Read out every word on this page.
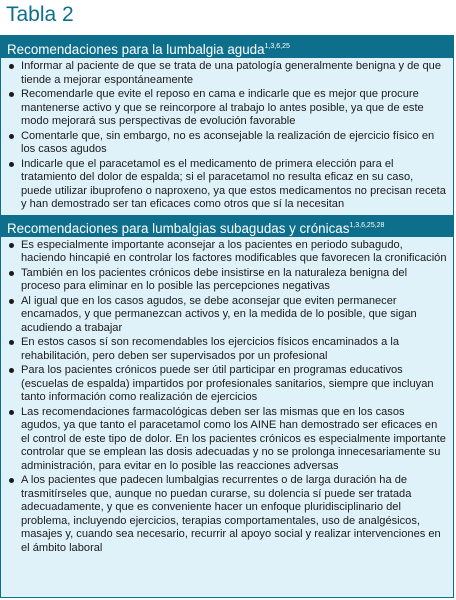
Tabla 2
Recomendaciones para la lumbalgia aguda$^{1,3,6,25}$
Informar al paciente de que se trata de una patología generalmente benigna y de que tiende a mejorar espontáneamente
Recomendarle que evite el reposo en cama e indicarle que es mejor que procure mantenerse activo y que se reincorpore al trabajo lo antes posible, ya que de este modo mejorará sus perspectivas de evolución favorable
Comentarle que, sin embargo, no es aconsejable la realización de ejercicio físico en los casos agudos
Indicarle que el paracetamol es el medicamento de primera elección para el tratamiento del dolor de espalda; si el paracetamol no resulta eficaz en su caso, puede utilizar ibuprofeno o naproxeno, ya que estos medicamentos no precisan receta y han demostrado ser tan eficaces como otros que sí la necesitan
Recomendaciones para lumbalgias subagudas y crónicas$^{1,3,6,25,28}$
Es especialmente importante aconsejar a los pacientes en periodo subagudo, haciendo hincapié en controlar los factores modificables que favorecen la cronificación
También en los pacientes crónicos debe insistirse en la naturaleza benigna del proceso para eliminar en lo posible las percepciones negativas
Al igual que en los casos agudos, se debe aconsejar que eviten permanecer encamados, y que permanezcan activos y, en la medida de lo posible, que sigan acudiendo a trabajar
En estos casos sí son recomendables los ejercicios físicos encaminados a la rehabilitación, pero deben ser supervisados por un profesional
Para los pacientes crónicos puede ser útil participar en programas educativos (escuelas de espalda) impartidos por profesionales sanitarios, siempre que incluyan tanto información como realización de ejercicios
Las recomendaciones farmacológicas deben ser las mismas que en los casos agudos, ya que tanto el paracetamol como los AINE han demostrado ser eficaces en el control de este tipo de dolor. En los pacientes crónicos es especialmente importante controlar que se emplean las dosis adecuadas y no se prolonga innecesariamente su administración, para evitar en lo posible las reacciones adversas
A los pacientes que padecen lumbalgias recurrentes o de larga duración ha de trasmitírseles que, aunque no puedan curarse, su dolencia sí puede ser tratada adecuadamente, y que es conveniente hacer un enfoque pluridisciplinario del problema, incluyendo ejercicios, terapias comportamentales, uso de analgésicos, masajes y, cuando sea necesario, recurrir al apoyo social y realizar intervenciones en el ámbito laboral
